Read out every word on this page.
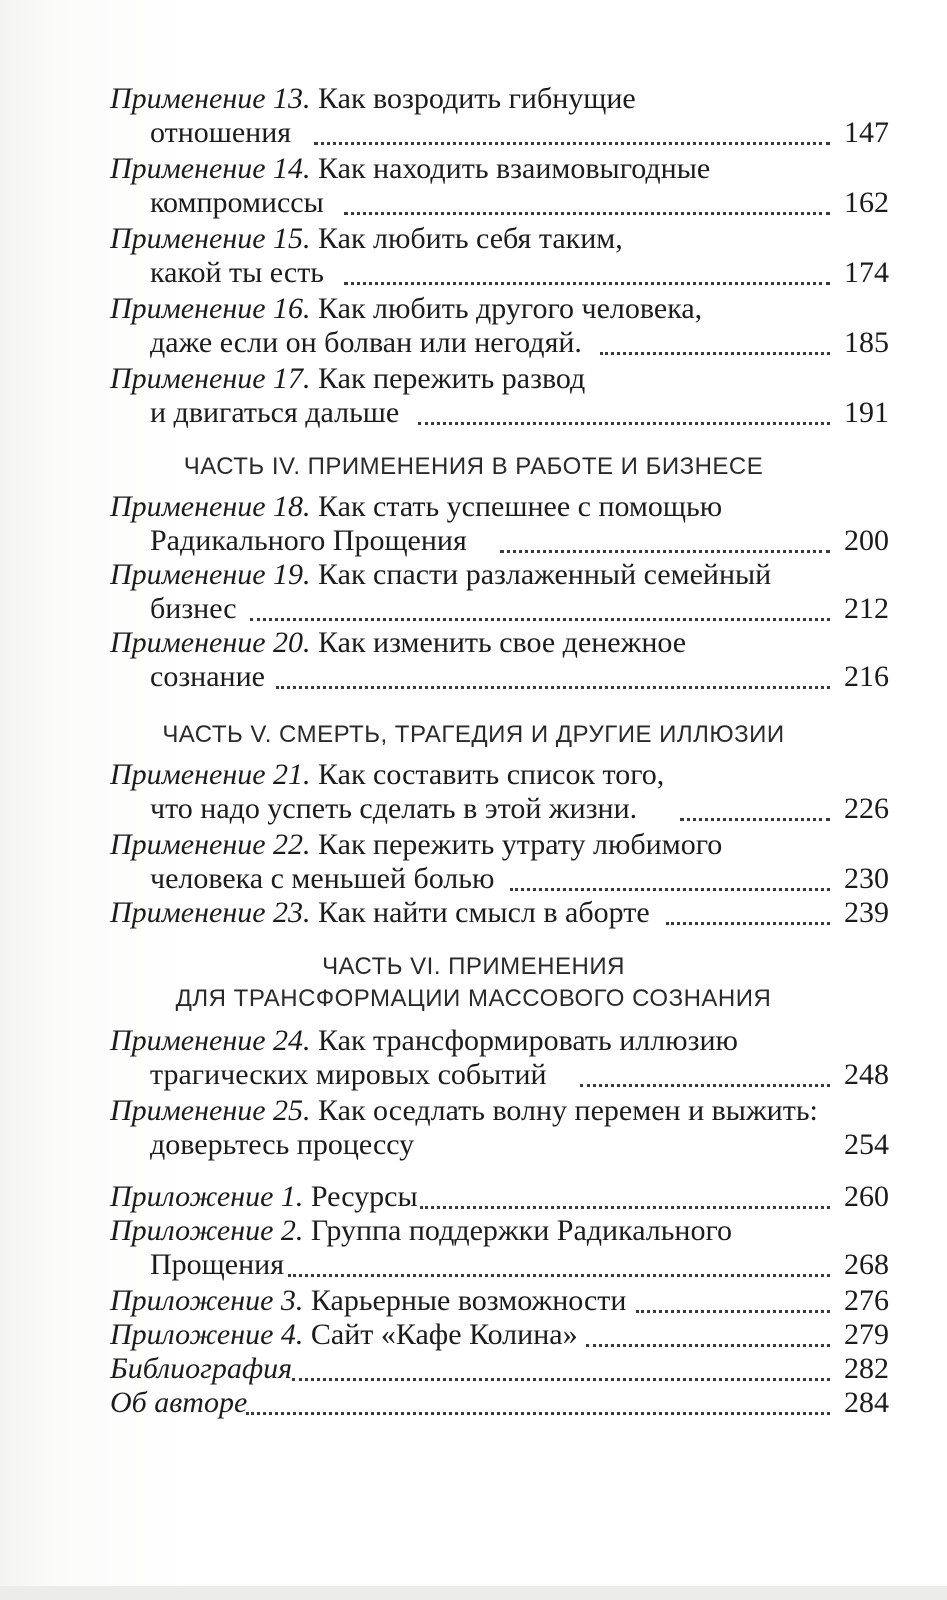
Применение 13. Как возродить гибнущие
отношения	147
Применение 14. Как находить взаимовыгодные
компромиссы	162
Применение 15. Как любить себя таким,
какой ты есть	174
Применение 16. Как любить другого человека,
даже если он болван или негодяй.	185
Применение 17. Как пережить развод
и двигаться дальше	191
ЧАСТЬ IV. ПРИМЕНЕНИЯ В РАБОТЕ И БИЗНЕСЕ
Применение 18. Как стать успешнее с помощью
Радикального Прощения	200
Применение 19. Как спасти разлаженный семейный
бизнес	212
Применение 20. Как изменить свое денежное
сознание	216
ЧАСТЬ V. СМЕРТЬ, ТРАГЕДИЯ И ДРУГИЕ ИЛЛЮЗИИ
Применение 21. Как составить список того,
что надо успеть сделать в этой жизни.	226
Применение 22. Как пережить утрату любимого
человека с меньшей болью	230
Применение 23. Как найти смысл в аборте	239
ЧАСТЬ VI. ПРИМЕНЕНИЯ
ДЛЯ ТРАНСФОРМАЦИИ МАССОВОГО СОЗНАНИЯ
Применение 24. Как трансформировать иллюзию
трагических мировых событий	248
Применение 25. Как оседлать волну перемен и выжить:
доверьтесь процессу	254
Приложение 1. Ресурсы	260
Приложение 2. Группа поддержки Радикального
Прощения	268
Приложение 3. Карьерные возможности	276
Приложение 4. Сайт «Кафе Колина»	279
Библиография	282
Об авторе	284
